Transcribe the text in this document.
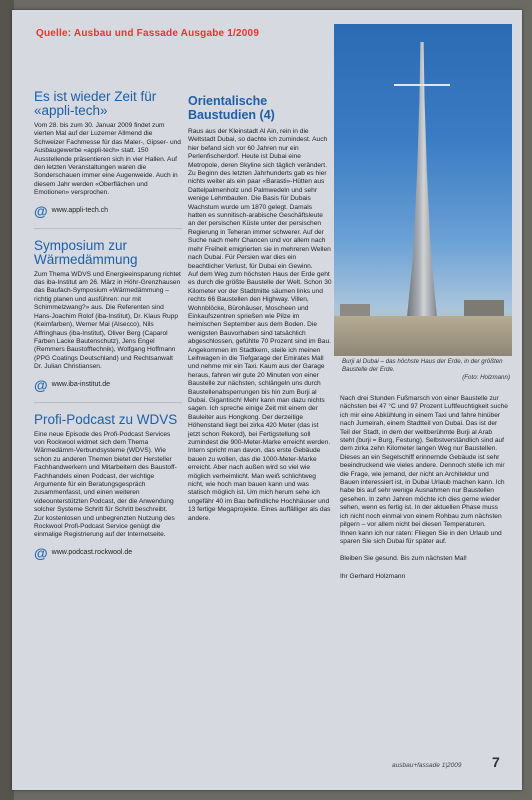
Quelle: Ausbau und Fassade Ausgabe 1/2009
Es ist wieder Zeit für «appli-tech»

Vom 28. bis zum 30. Januar 2009 findet zum vierten Mal auf der Luzerner Allmend die Schweizer Fachmesse für das Maler-, Gipser- und Ausbaugewerbe «appli-tech» statt. 150 Ausstellende präsentieren sich in vier Hallen. Auf den letzten Veranstaltungen waren die Sonderschauen immer eine Augenweide. Auch in diesem Jahr werden «Oberflächen und Emotionen» versprochen.

@ www.appli-tech.ch
Symposium zur Wärmedämmung

Zum Thema WDVS und Energieeinsparung richtet das iba-Institut am 26. März in Höhr-Grenzhausen das Baufach-Symposium «Wärmedämmung – richtig planen und ausführen: nur mit Schimmelzwang?» aus. Die Referenten sind Hans-Joachim Rolof (iba-Institut), Dr. Klaus Rupp (Keimfarben), Werner Mai (Alsecco), Nils Affringhaus (iba-Institut), Oliver Berg (Caparol Farben Lacke Bautenschutz), Jens Engel (Remmers Baustofftechnik), Wolfgang Hoffmann (PPG Coatings Deutschland) und Rechtsanwalt Dr. Julian Christiansen.

@ www.iba-institut.de
Profi-Podcast zu WDVS

Eine neue Episode des Profi-Podcast Services von Rockwool widmet sich dem Thema Wärmedämm-Verbundsysteme (WDVS). Wie schon zu anderen Themen bietet der Hersteller Fachhandwerkern und Mitarbeitern des Baustoff-Fachhandels einen Podcast, der wichtige Argumente für ein Beratungsgespräch zusammenfasst, und einen weiteren videounterstützten Podcast, der die Anwendung solcher Systeme Schritt für Schritt beschreibt.

Zur kostenlosen und unbegrenzten Nutzung des Rockwool Profi-Podcast Service genügt die einmalige Registrierung auf der Internetseite.

@ www.podcast.rockwool.de
Orientalische Baustudien (4)

Raus aus der Kleinstadt Al Ain, rein in die Weltstadt Dubai, so dachte ich zumindest. Auch hier befand sich vor 60 Jahren nur ein Perlenfischerdorf. Heute ist Dubai eine Metropole, deren Skyline sich täglich verändert. Zu Beginn des letzten Jahrhunderts gab es hier nichts weiter als ein paar «Barasti»-Hütten aus Dattelpalmenholz und Palmwedeln und sehr wenige Lehmbauten. Die Basis für Dubais Wachstum wurde um 1870 gelegt. Damals hatten es sunnitisch-arabische Geschäftsleute an der persischen Küste unter der persischen Regierung in Teheran immer schwerer. Auf der Suche nach mehr Chancen und vor allem nach mehr Freiheit emigrierten sie in mehreren Wellen nach Dubai. Für Persien war dies ein beachtlicher Verlust, für Dubai ein Gewinn.

Auf dem Weg zum höchsten Haus der Erde geht es durch die größte Baustelle der Welt. Schon 30 Kilometer vor der Stadtmitte säumen links und rechts 66 Baustellen den Highway. Villen, Wohnblöcke, Bürohäuser, Moscheen und Einkaufszentren sprießen wie Pilze im heimischen September aus dem Boden. Die wenigsten Bauvorhaben sind tatsächlich abgeschlossen, gefühlte 70 Prozent sind im Bau. Angekommen im Stadtkern, steile ich meinen Leihwagen in die Tiefgarage der Emirates Mall und nehme mir ein Taxi. Kaum aus der Garage heraus, fahren wir gute 20 Minuten von einer Baustelle zur nächsten, schlängeln uns durch Baustellenabsperrungen bis hin zum Burji al Dubai. Gigantisch! Mehr kann man dazu nichts sagen. Ich spreche einige Zeit mit einem der Bauleiter aus Hongkong. Der derzeitige Höhenstand liegt bei zirka 420 Meter (das ist jetzt schon Rekord), bei Fertigstellung soll zumindest die 900-Meter-Marke erreicht werden. Intern spricht man davon, das erste Gebäude bauen zu wollen, das die 1000-Meter-Marke erreicht. Aber nach außen wird so viel wie möglich verheimlicht. Man weiß schlichtweg nicht, wie hoch man bauen kann und was statisch möglich ist. Um mich herum sehe ich ungefähr 40 im Bau befindliche Hochhäuser und 13 fertige Megaprojekte. Eines auffälliger als das andere.

Burji al Dubai – das höchste Haus der Erde, in der größten Baustelle der Erde.
(Foto: Holzmann)

Nach drei Stunden Fußmarsch von einer Baustelle zur nächsten bei 47 °C und 97 Prozent Luftfeuchtigkeit suche ich mir eine Abkühlung in einem Taxi und fahre hinüber nach Jumeirah, einem Stadtteil von Dubai. Das ist der Teil der Stadt, in dem der weltberühmte Burji al Arab steht (burji = Burg, Festung). Selbstverständlich sind auf dem zirka zehn Kilometer langen Weg nur Baustellen. Dieses an ein Segelschiff erinnernde Gebäude ist sehr beeindruckend wie vieles andere. Dennoch stelle ich mir die Frage, wie jemand, der nicht an Architektur und Bauen interessiert ist, in Dubai Urlaub machen kann. Ich habe bis auf sehr wenige Ausnahmen nur Baustellen gesehen. In zehn Jahren möchte ich dies gerne wieder sehen, wenn es fertig ist. In der aktuellen Phase muss ich nicht noch einmal von einem Rohbau zum nächsten pilgern – vor allem nicht bei diesen Temperaturen.

Ihnen kann ich nur raten: Fliegen Sie in den Urlaub und sparen Sie sich Dubai für später auf.

Bleiben Sie gesund. Bis zum nächsten Mal!

Ihr Gerhard Holzmann
ausbau+fassade 1|2009 7
